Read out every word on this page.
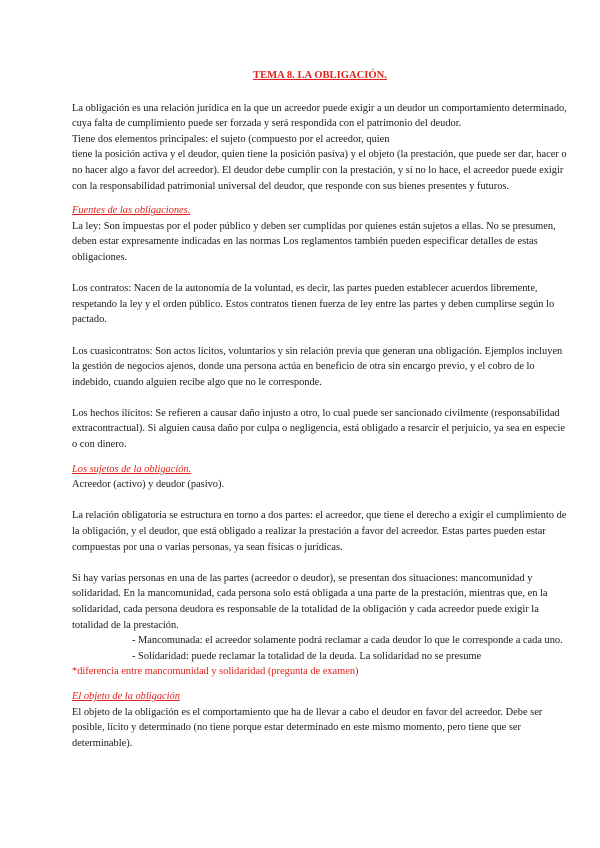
TEMA 8. LA OBLIGACIÓN.

La obligación es una relación jurídica en la que un acreedor puede exigir a un deudor un comportamiento determinado, cuya falta de cumplimiento puede ser forzada y será respondida con el patrimonio del deudor.

Tiene dos elementos principales: el sujeto (compuesto por el acreedor, quien

tiene la posición activa y el deudor, quien tiene la posición pasiva) y el objeto (la prestación, que puede ser dar, hacer o no hacer algo a favor del acreedor). El deudor debe cumplir con la prestación, y si no lo hace, el acreedor puede exigir con la responsabilidad patrimonial universal del deudor, que responde con sus bienes presentes y futuros.

Fuentes de las obligaciones.

La ley: Son impuestas por el poder público y deben ser cumplidas por quienes están sujetos a ellas. No se presumen, deben estar expresamente indicadas en las normas Los reglamentos también pueden especificar detalles de estas obligaciones.

Los contratos: Nacen de la autonomía de la voluntad, es decir, las partes pueden establecer acuerdos libremente, respetando la ley y el orden público. Estos contratos tienen fuerza de ley entre las partes y deben cumplirse según lo pactado.

Los cuasicontratos: Son actos lícitos, voluntarios y sin relación previa que generan una obligación. Ejemplos incluyen la gestión de negocios ajenos, donde una persona actúa en beneficio de otra sin encargo previo, y el cobro de lo indebido, cuando alguien recibe algo que no le corresponde.

Los hechos ilícitos: Se refieren a causar daño injusto a otro, lo cual puede ser sancionado civilmente (responsabilidad extracontractual). Si alguien causa daño por culpa o negligencia, está obligado a resarcir el perjuicio, ya sea en especie o con dinero.

Los sujetos de la obligación.

Acreedor (activo) y deudor (pasivo).

La relación obligatoria se estructura en torno a dos partes: el acreedor, que tiene el derecho a exigir el cumplimiento de la obligación, y el deudor, que está obligado a realizar la prestación a favor del acreedor. Estas partes pueden estar compuestas por una o varias personas, ya sean físicas o jurídicas.

Si hay varias personas en una de las partes (acreedor o deudor), se presentan dos situaciones: mancomunidad y solidaridad. En la mancomunidad, cada persona solo está obligada a una parte de la prestación, mientras que, en la solidaridad, cada persona deudora es responsable de la totalidad de la obligación y cada acreedor puede exigir la totalidad de la prestación.

- Mancomunada: el acreedor solamente podrá reclamar a cada deudor lo que le corresponde a cada uno.

- Solidaridad: puede reclamar la totalidad de la deuda. La solidaridad no se presume

*diferencia entre mancomunidad y solidaridad (pregunta de examen)

El objeto de la obligación

El objeto de la obligación es el comportamiento que ha de llevar a cabo el deudor en favor del acreedor. Debe ser posible, lícito y determinado (no tiene porque estar determinado en este mismo momento, pero tiene que ser determinable).
